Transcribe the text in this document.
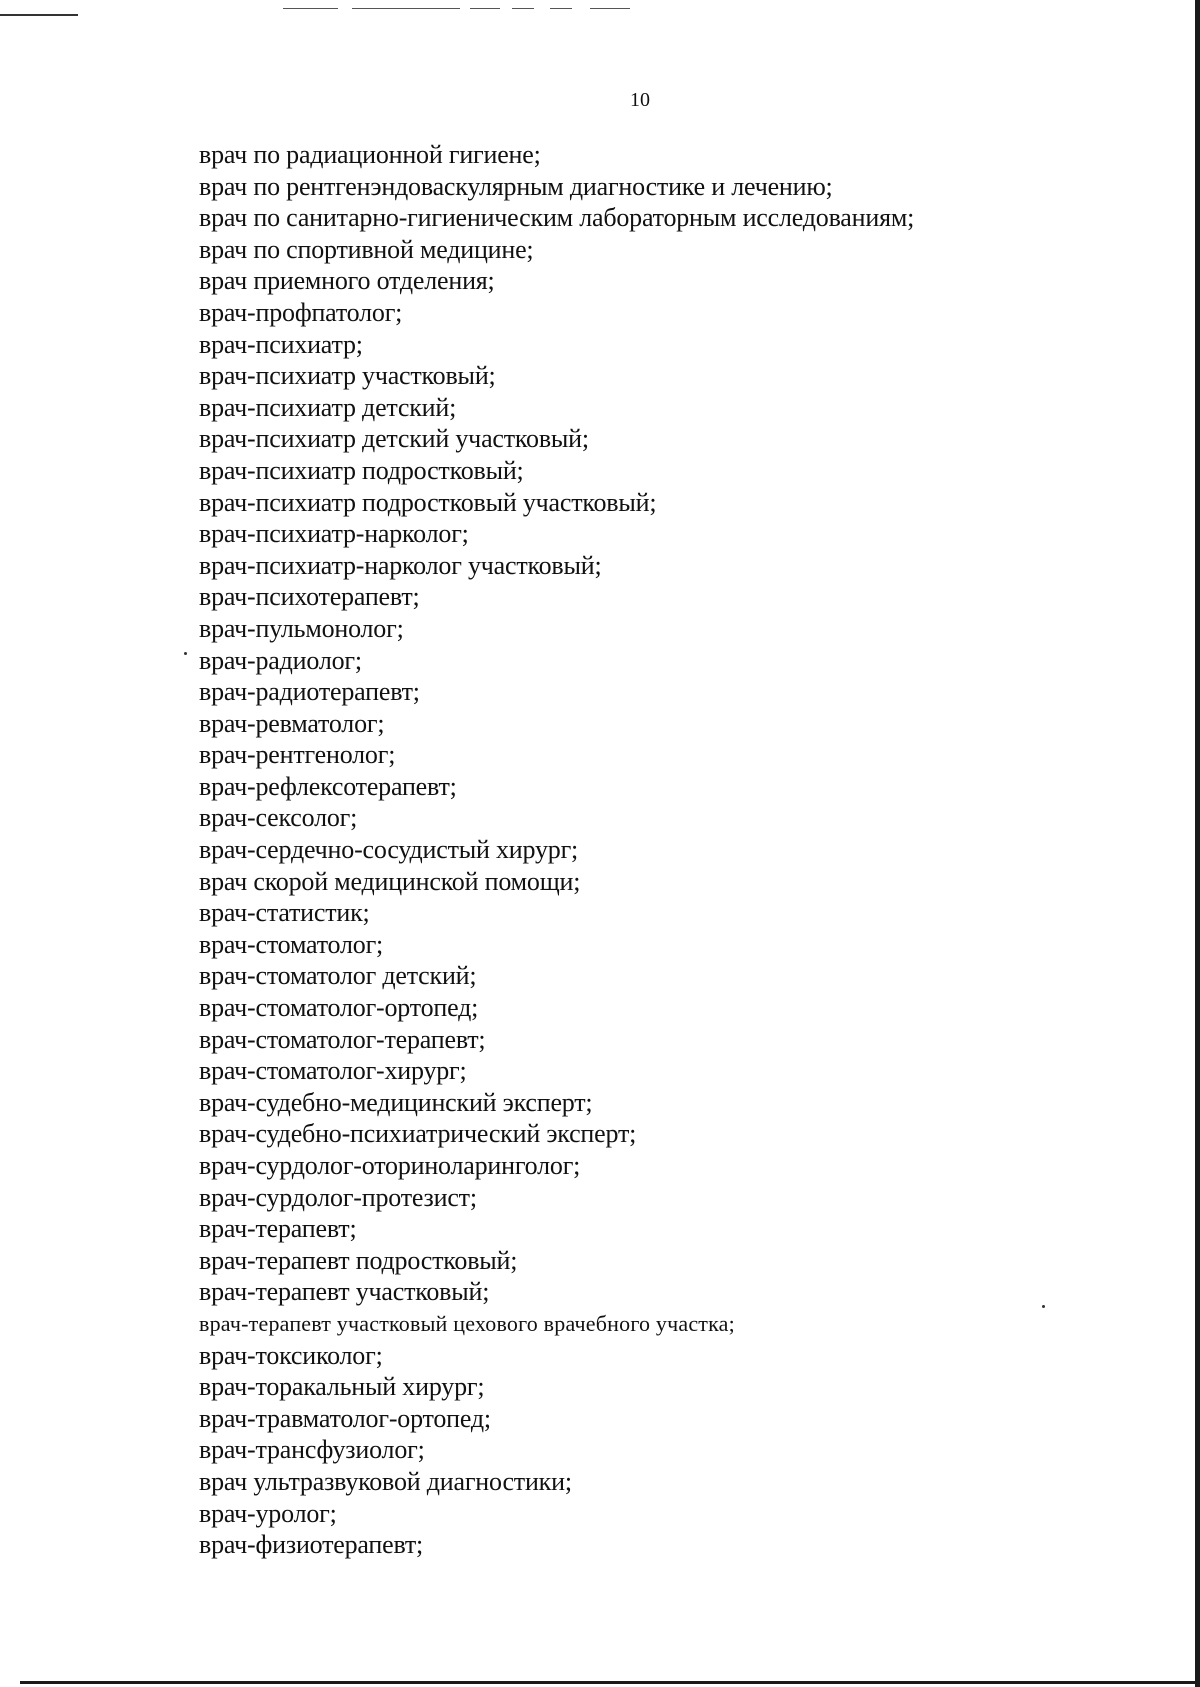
10
врач по радиационной гигиене;
врач по рентгенэндоваскулярным диагностике и лечению;
врач по санитарно-гигиеническим лабораторным исследованиям;
врач по спортивной медицине;
врач приемного отделения;
врач-профпатолог;
врач-психиатр;
врач-психиатр участковый;
врач-психиатр детский;
врач-психиатр детский участковый;
врач-психиатр подростковый;
врач-психиатр подростковый участковый;
врач-психиатр-нарколог;
врач-психиатр-нарколог участковый;
врач-психотерапевт;
врач-пульмонолог;
врач-радиолог;
врач-радиотерапевт;
врач-ревматолог;
врач-рентгенолог;
врач-рефлексотерапевт;
врач-сексолог;
врач-сердечно-сосудистый хирург;
врач скорой медицинской помощи;
врач-статистик;
врач-стоматолог;
врач-стоматолог детский;
врач-стоматолог-ортопед;
врач-стоматолог-терапевт;
врач-стоматолог-хирург;
врач-судебно-медицинский эксперт;
врач-судебно-психиатрический эксперт;
врач-сурдолог-оториноларинголог;
врач-сурдолог-протезист;
врач-терапевт;
врач-терапевт подростковый;
врач-терапевт участковый;
врач-терапевт участковый цехового врачебного участка;
врач-токсиколог;
врач-торакальный хирург;
врач-травматолог-ортопед;
врач-трансфузиолог;
врач ультразвуковой диагностики;
врач-уролог;
врач-физиотерапевт;
